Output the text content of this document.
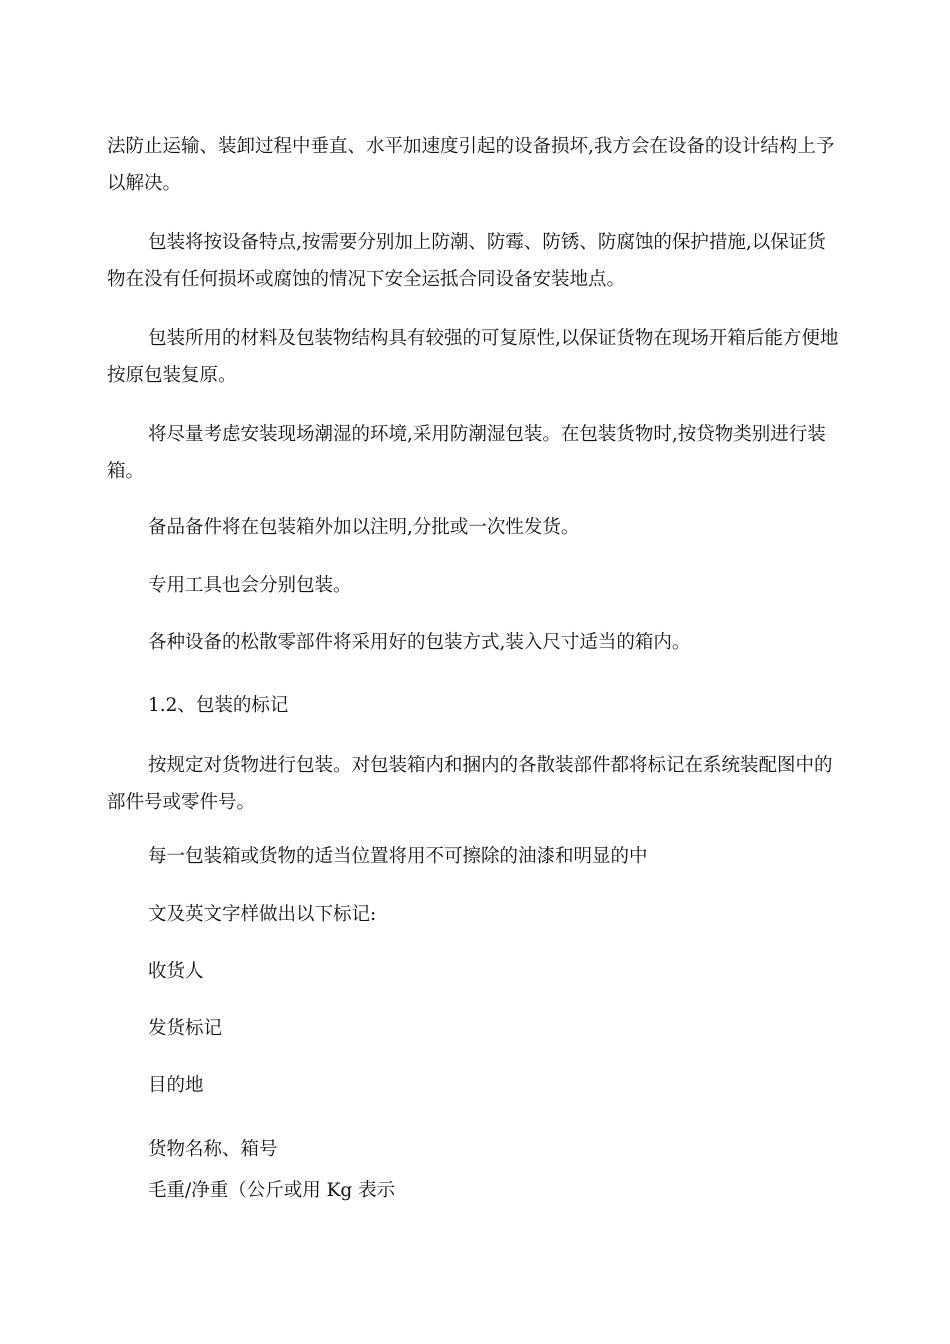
法防止运输、装卸过程中垂直、水平加速度引起的设备损坏,我方会在设备的设计结构上予以解决。

包装将按设备特点,按需要分别加上防潮、防霉、防锈、防腐蚀的保护措施,以保证货物在没有任何损坏或腐蚀的情况下安全运抵合同设备安装地点。

包装所用的材料及包装物结构具有较强的可复原性,以保证货物在现场开箱后能方便地按原包装复原。

将尽量考虑安装现场潮湿的环境,采用防潮湿包装。在包装货物时,按贷物类别进行装箱。

备品备件将在包装箱外加以注明,分批或一次性发货。

专用工具也会分别包装。

各种设备的松散零部件将采用好的包装方式,装入尺寸适当的箱内。

1.2、包装的标记

按规定对货物进行包装。对包装箱内和捆内的各散装部件都将标记在系统装配图中的部件号或零件号。

每一包装箱或货物的适当位置将用不可擦除的油漆和明显的中

文及英文字样做出以下标记:

收货人

发货标记

目的地

货物名称、箱号

毛重/净重（公斤或用 Kg 表示
